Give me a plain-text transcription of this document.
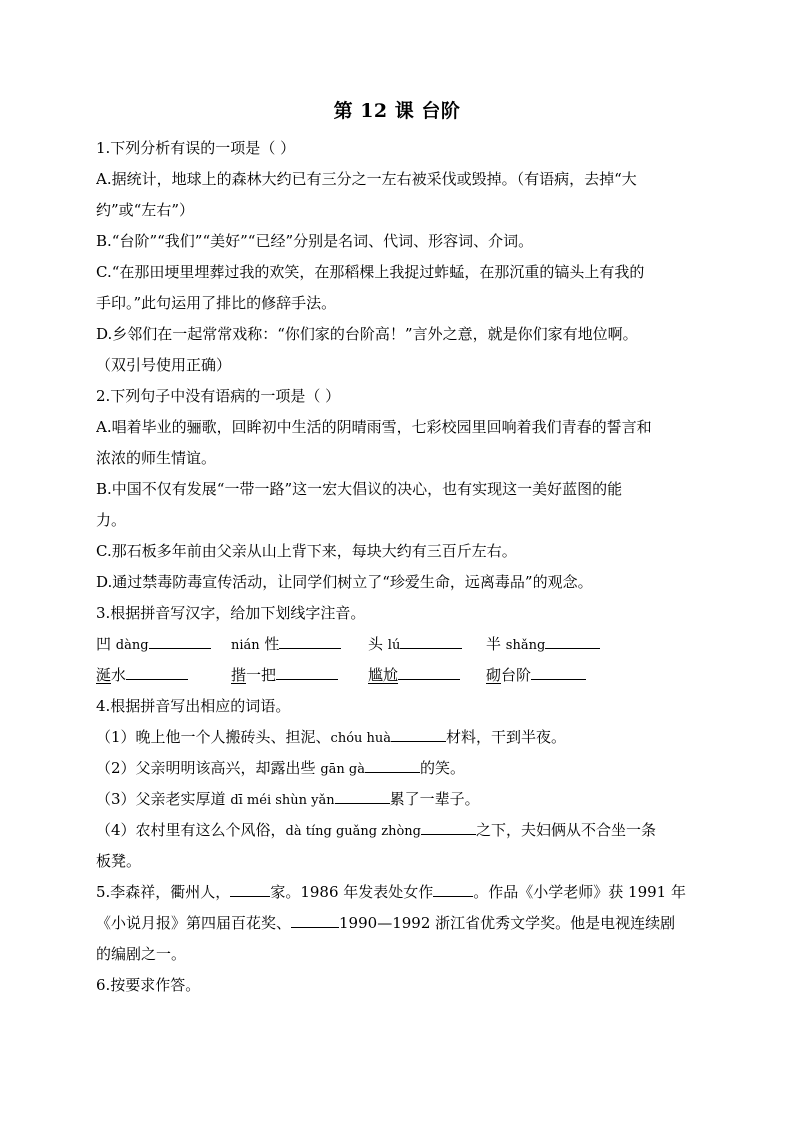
第 12 课 台阶
1.下列分析有误的一项是（ ）
A.据统计，地球上的森林大约已有三分之一左右被采伐或毁掉。（有语病，去掉“大
约”或“左右”）
B.“台阶”“我们”“美好”“已经”分别是名词、代词、形容词、介词。
C.“在那田埂里埋葬过我的欢笑，在那稻棵上我捉过蚱蜢，在那沉重的镐头上有我的
手印。”此句运用了排比的修辞手法。
D.乡邻们在一起常常戏称：“你们家的台阶高！”言外之意，就是你们家有地位啊。
（双引号使用正确）
2.下列句子中没有语病的一项是（ ）
A.唱着毕业的骊歌，回眸初中生活的阴晴雨雪，七彩校园里回响着我们青春的誓言和
浓浓的师生情谊。
B.中国不仅有发展“一带一路”这一宏大倡议的决心，也有实现这一美好蓝图的能
力。
C.那石板多年前由父亲从山上背下来，每块大约有三百斤左右。
D.通过禁毒防毒宣传活动，让同学们树立了“珍爱生命，远离毒品”的观念。
3.根据拼音写汉字，给加下划线字注音。
凹 dàng	nián 性	头 lú	半 shǎng
涎水	揩一把	尴尬	砌台阶
4.根据拼音写出相应的词语。
（1）晚上他一个人搬砖头、担泥、chóu huà	材料，干到半夜。
（2）父亲明明该高兴，却露出些 gān gà	的笑。
（3）父亲老实厚道 dī méi shùn yǎn	累了一辈子。
（4）农村里有这么个风俗，dà tíng guǎng zhòng	之下，夫妇俩从不合坐一条
板凳。
5.李森祥，衢州人，	家。1986 年发表处女作	。作品《小学老师》获 1991 年
《小说月报》第四届百花奖、	1990—1992 浙江省优秀文学奖。他是电视连续剧
的编剧之一。
6.按要求作答。
